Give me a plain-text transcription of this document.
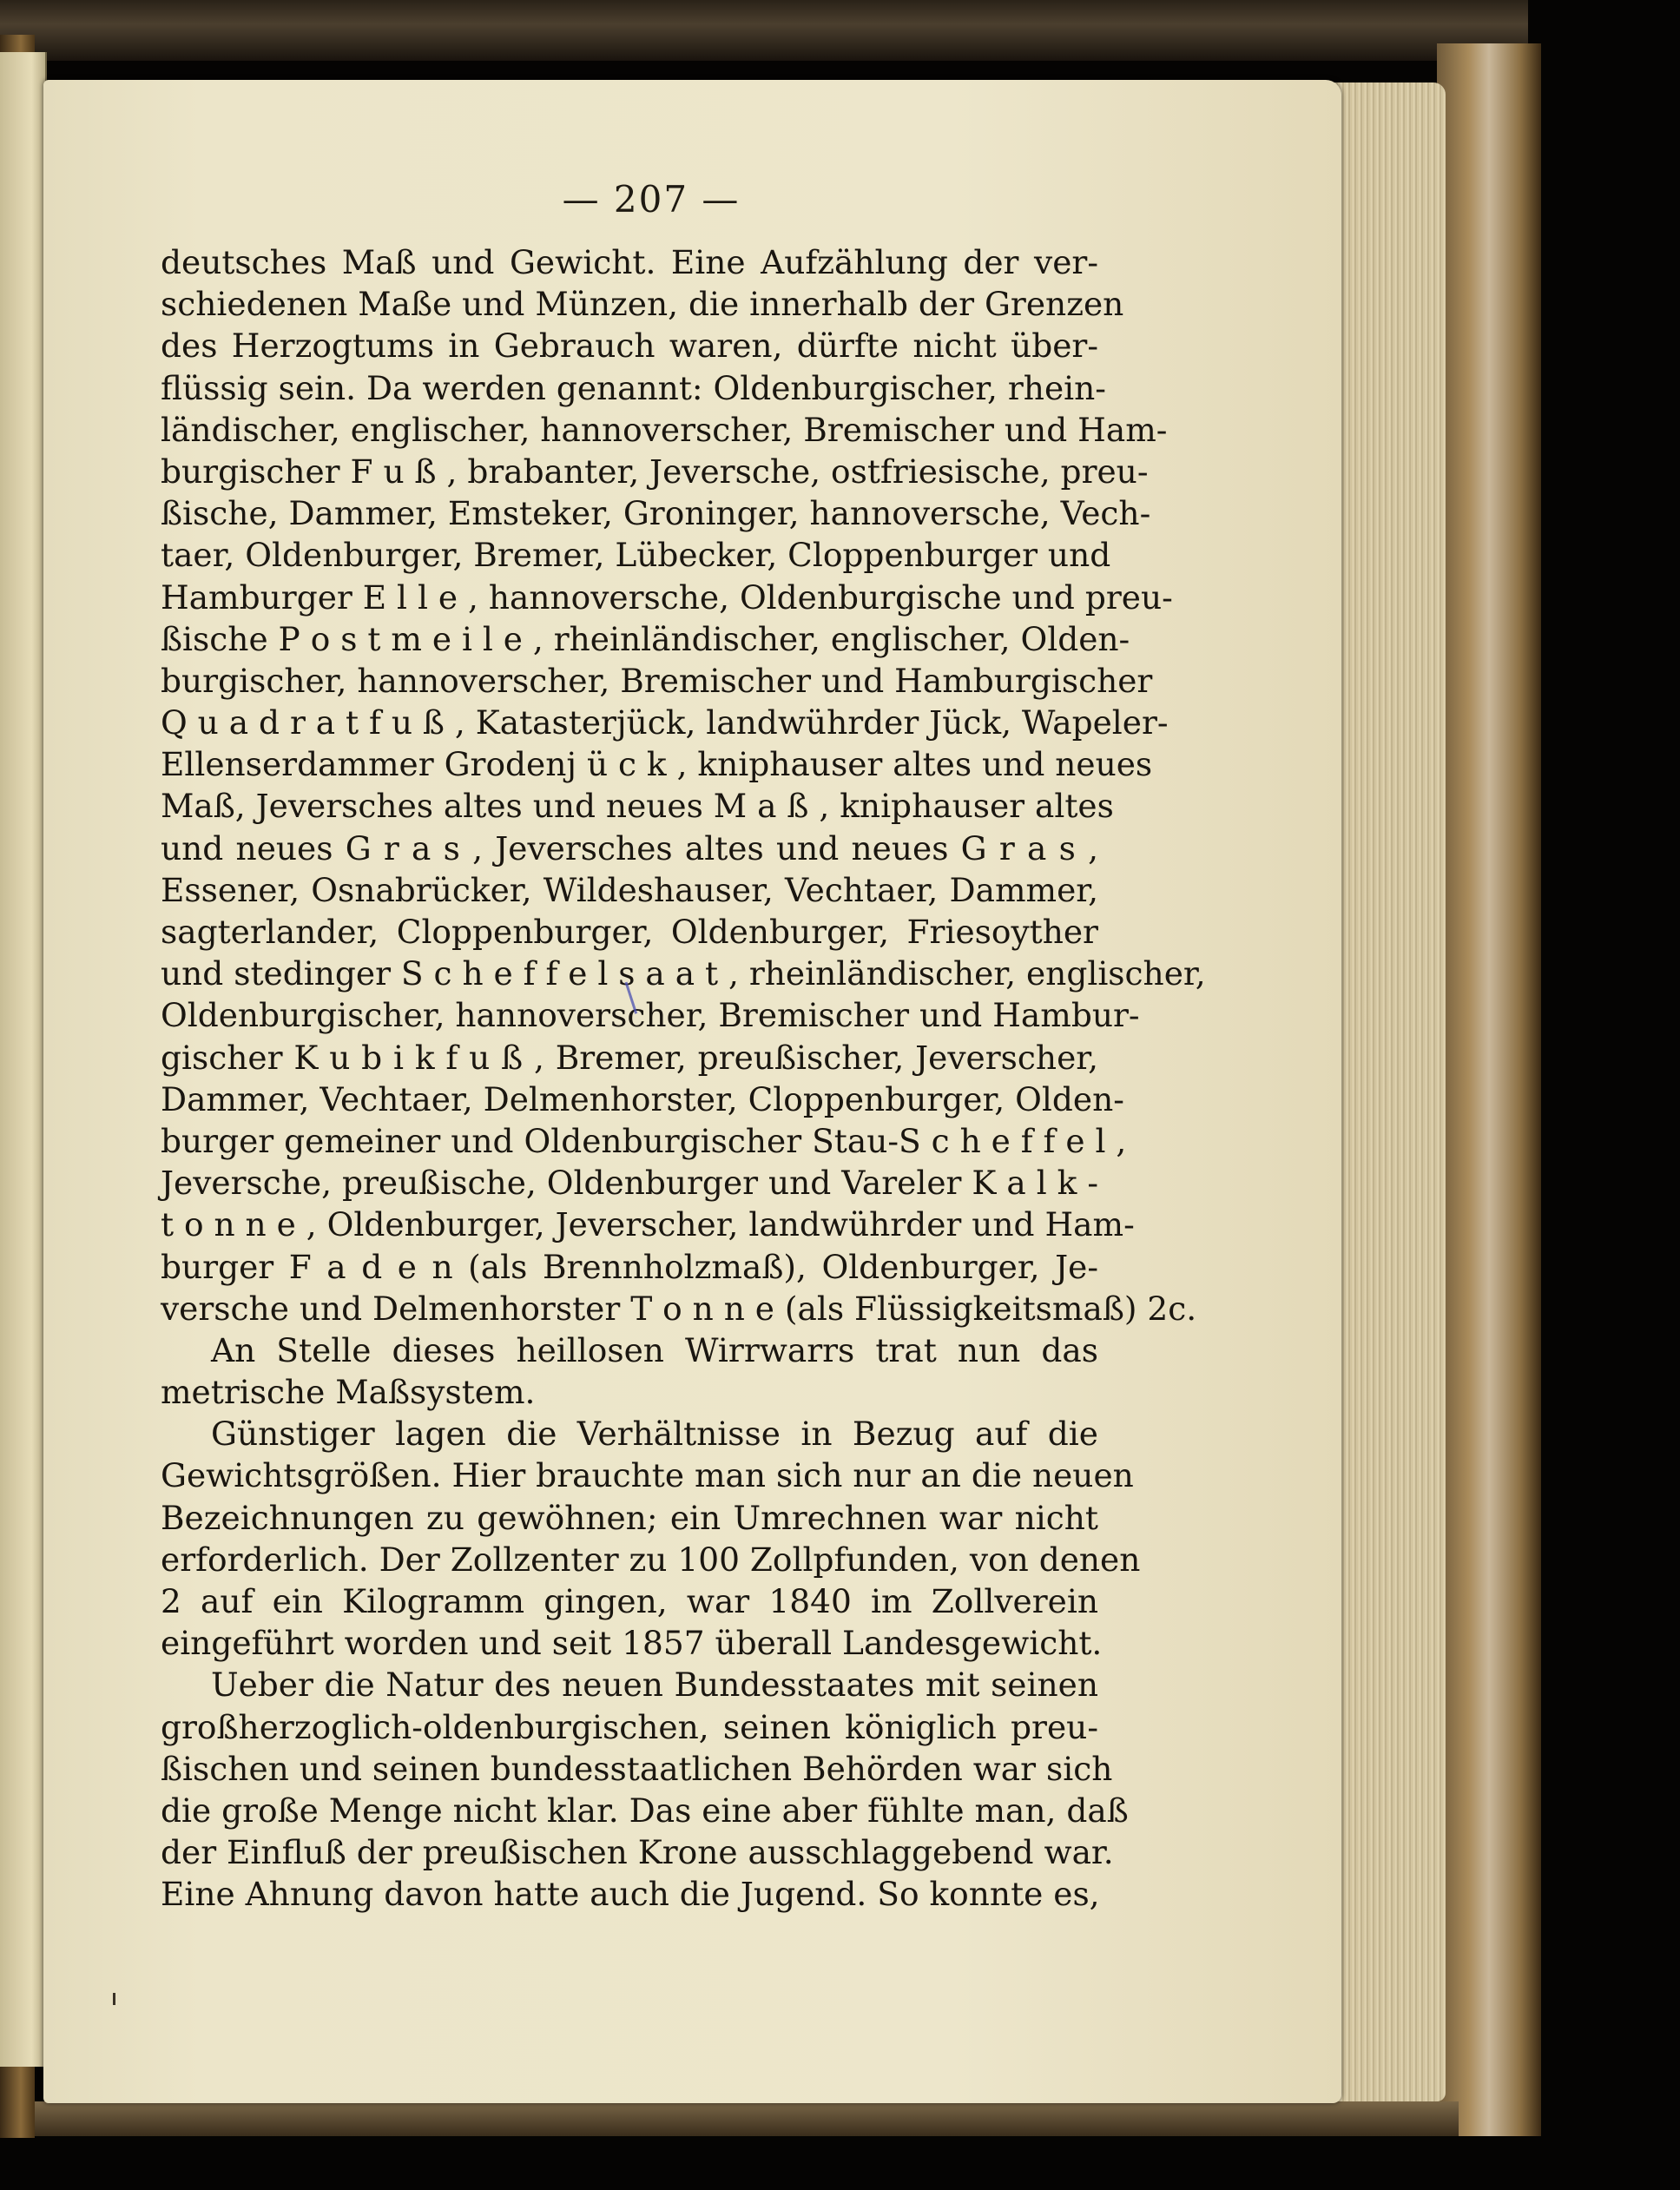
— 207 —
deutsches Maß und Gewicht. Eine Aufzählung der ver-
schiedenen Maße und Münzen, die innerhalb der Grenzen
des Herzogtums in Gebrauch waren, dürfte nicht über-
flüssig sein. Da werden genannt: Oldenburgischer, rhein-
ländischer, englischer, hannoverscher, Bremischer und Ham-
burgischer F u ß , brabanter, Jeversche, ostfriesische, preu-
ßische, Dammer, Emsteker, Groninger, hannoversche, Vech-
taer, Oldenburger, Bremer, Lübecker, Cloppenburger und
Hamburger E l l e , hannoversche, Oldenburgische und preu-
ßische P o s t m e i l e , rheinländischer, englischer, Olden-
burgischer, hannoverscher, Bremischer und Hamburgischer
Q u a d r a t f u ß , Katasterjück, landwührder Jück, Wapeler-
Ellenserdammer Grodenj ü c k , kniphauser altes und neues
Maß, Jeversches altes und neues M a ß , kniphauser altes
und neues G r a s , Jeversches altes und neues G r a s ,
Essener, Osnabrücker, Wildeshauser, Vechtaer, Dammer,
sagterlander, Cloppenburger, Oldenburger, Friesoyther
und stedinger S c h e f f e l s a a t , rheinländischer, englischer,
Oldenburgischer, hannoverscher, Bremischer und Hambur-
gischer K u b i k f u ß , Bremer, preußischer, Jeverscher,
Dammer, Vechtaer, Delmenhorster, Cloppenburger, Olden-
burger gemeiner und Oldenburgischer Stau-S c h e f f e l ,
Jeversche, preußische, Oldenburger und Vareler K a l k -
t o n n e , Oldenburger, Jeverscher, landwührder und Ham-
burger F a d e n (als Brennholzmaß), Oldenburger, Je-
versche und Delmenhorster T o n n e (als Flüssigkeitsmaß) 2c.
An Stelle dieses heillosen Wirrwarrs trat nun das
metrische Maßsystem.
Günstiger lagen die Verhältnisse in Bezug auf die
Gewichtsgrößen. Hier brauchte man sich nur an die neuen
Bezeichnungen zu gewöhnen; ein Umrechnen war nicht
erforderlich. Der Zollzenter zu 100 Zollpfunden, von denen
2 auf ein Kilogramm gingen, war 1840 im Zollverein
eingeführt worden und seit 1857 überall Landesgewicht.
Ueber die Natur des neuen Bundesstaates mit seinen
großherzoglich-oldenburgischen, seinen königlich preu-
ßischen und seinen bundesstaatlichen Behörden war sich
die große Menge nicht klar. Das eine aber fühlte man, daß
der Einfluß der preußischen Krone ausschlaggebend war.
Eine Ahnung davon hatte auch die Jugend. So konnte es,
